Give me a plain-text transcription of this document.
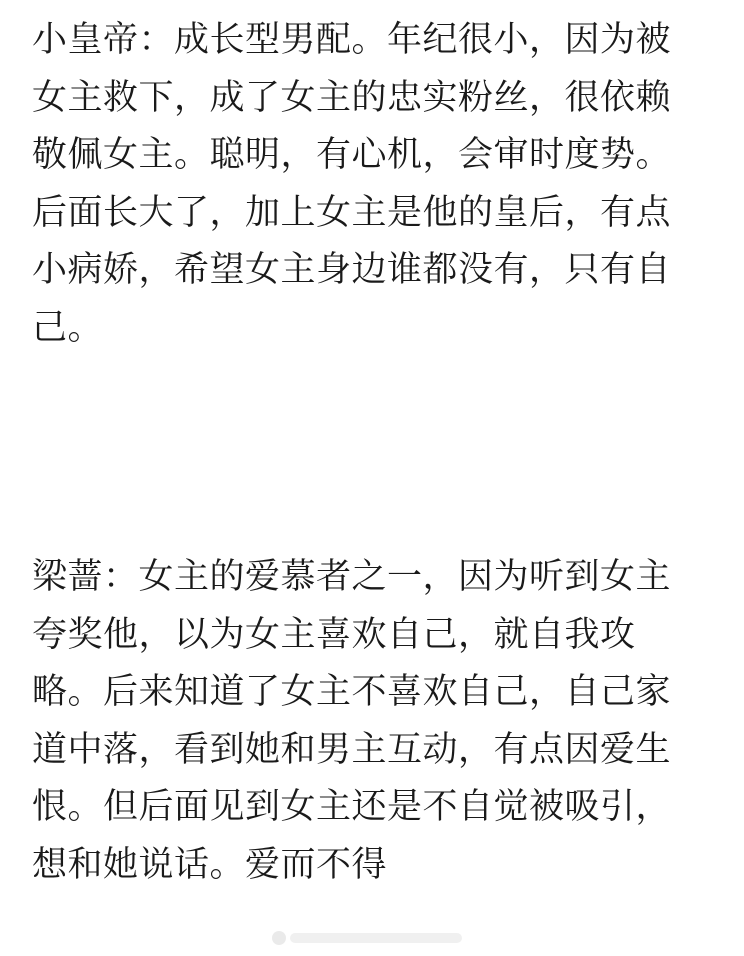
小皇帝：成长型男配。年纪很小，因为被
女主救下，成了女主的忠实粉丝，很依赖
敬佩女主。聪明，有心机，会审时度势。
后面长大了，加上女主是他的皇后，有点
小病娇，希望女主身边谁都没有，只有自
己。

梁蔷：女主的爱慕者之一，因为听到女主
夸奖他，以为女主喜欢自己，就自我攻
略。后来知道了女主不喜欢自己，自己家
道中落，看到她和男主互动，有点因爱生
恨。但后面见到女主还是不自觉被吸引，
想和她说话。爱而不得
